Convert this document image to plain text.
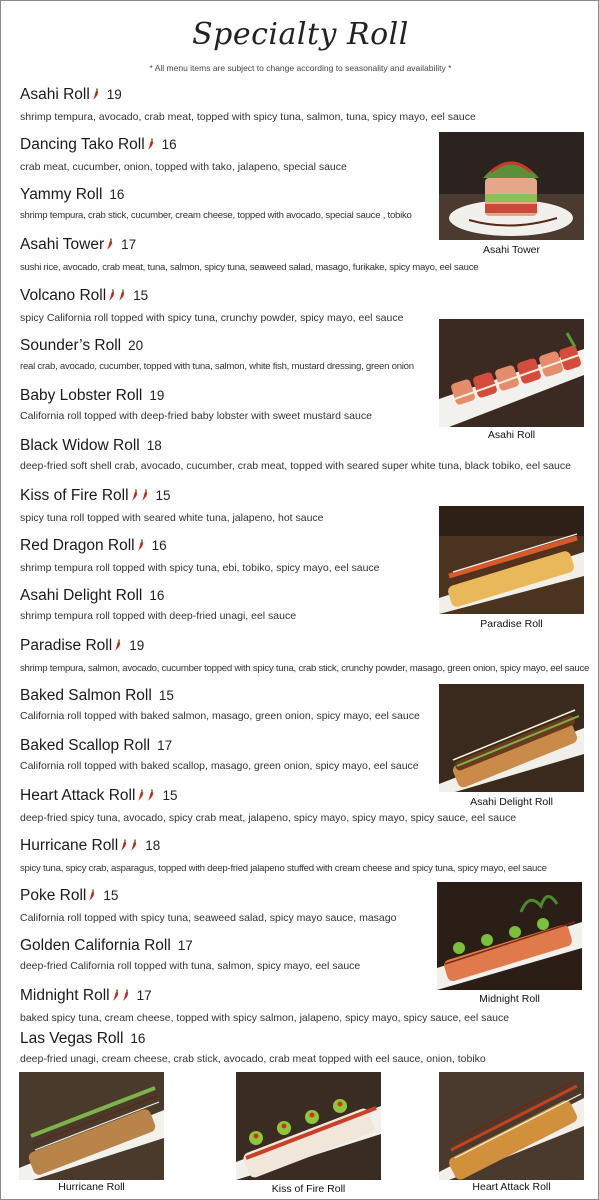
Specialty Roll
* All menu items are subject to change according to seasonality and availability *
Asahi Roll 19
shrimp tempura, avocado, crab meat, topped with spicy tuna, salmon, tuna, spicy mayo, eel sauce
Dancing Tako Roll 16
crab meat, cucumber, onion, topped with tako, jalapeno, special sauce
Yammy Roll 16
shrimp tempura, crab stick, cucumber, cream cheese, topped with avocado, special sauce , tobiko
Asahi Tower 17
sushi rice, avocado, crab meat, tuna, salmon, spicy tuna, seaweed salad, masago, furikake, spicy mayo, eel sauce
Volcano Roll 15
spicy California roll topped with spicy tuna, crunchy powder, spicy mayo, eel sauce
Sounder’s Roll 20
real crab, avocado, cucumber, topped with tuna, salmon, white fish, mustard dressing, green onion
Baby Lobster Roll 19
California roll topped with deep-fried baby lobster with sweet mustard sauce
Black Widow Roll 18
deep-fried soft shell crab, avocado, cucumber, crab meat, topped with seared super white tuna, black tobiko, eel sauce
Kiss of Fire Roll 15
spicy tuna roll topped with seared white tuna, jalapeno, hot sauce
Red Dragon Roll 16
shrimp tempura roll topped with spicy tuna, ebi, tobiko, spicy mayo, eel sauce
Asahi Delight Roll 16
shrimp tempura roll topped with deep-fried unagi, eel sauce
Paradise Roll 19
shrimp tempura, salmon, avocado, cucumber topped with spicy tuna, crab stick, crunchy powder, masago, green onion, spicy mayo, eel sauce
Baked Salmon Roll 15
California roll topped with baked salmon, masago, green onion, spicy mayo, eel sauce
Baked Scallop Roll 17
California roll topped with baked scallop, masago, green onion, spicy mayo, eel sauce
Heart Attack Roll 15
deep-fried spicy tuna, avocado, spicy crab meat, jalapeno, spicy mayo, spicy mayo, spicy sauce, eel sauce
Hurricane Roll 18
spicy tuna, spicy crab, asparagus, topped with deep-fried jalapeno stuffed with cream cheese and spicy tuna, spicy mayo, eel sauce
Poke Roll 15
California roll topped with spicy tuna, seaweed salad, spicy mayo sauce, masago
Golden California Roll 17
deep-fried California roll topped with tuna, salmon, spicy mayo, eel sauce
Midnight Roll 17
baked spicy tuna, cream cheese, topped with spicy salmon, jalapeno, spicy mayo, spicy sauce, eel sauce
Las Vegas Roll 16
deep-fried unagi, cream cheese, crab stick, avocado, crab meat topped with eel sauce, onion, tobiko
Asahi Tower
Asahi Roll
Paradise Roll
Asahi Delight Roll
Midnight Roll
Hurricane Roll	Kiss of Fire Roll	Heart Attack Roll
